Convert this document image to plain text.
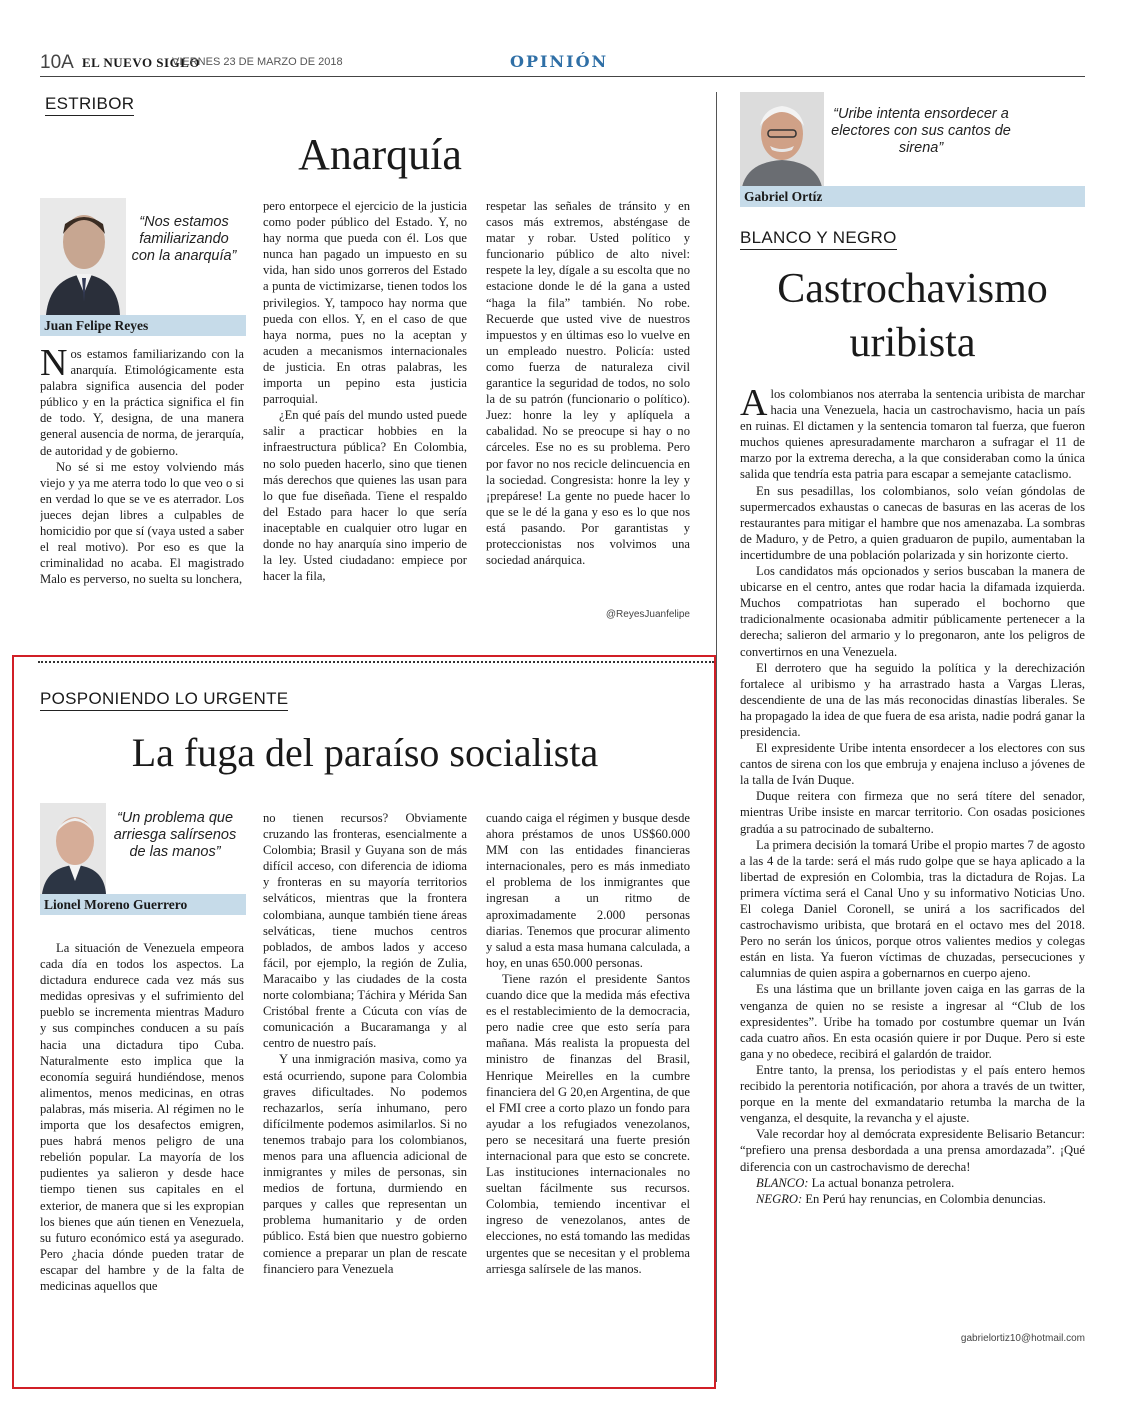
10A EL NUEVO SIGLO
VIERNES 23 DE MARZO DE 2018	OPINIÓN
ESTRIBOR
Anarquía
“Nos estamos familiarizando con la anarquía”
Juan Felipe Reyes

Nos estamos familiarizando con la anarquía. Etimológicamente esta palabra significa ausencia del poder público y en la práctica significa el fin de todo. Y, designa, de una manera general ausencia de norma, de jerarquía, de autoridad y de gobierno.

No sé si me estoy volviendo más viejo y ya me aterra todo lo que veo o si en verdad lo que se ve es aterrador. Los jueces dejan libres a culpables de homicidio por que sí (vaya usted a saber el real motivo). Por eso es que la criminalidad no acaba. El magistrado Malo es perverso, no suelta su lonchera,

pero entorpece el ejercicio de la justicia como poder público del Estado. Y, no hay norma que pueda con él. Los que nunca han pagado un impuesto en su vida, han sido unos gorreros del Estado a punta de victimizarse, tienen todos los privilegios. Y, tampoco hay norma que pueda con ellos. Y, en el caso de que haya norma, pues no la aceptan y acuden a mecanismos internacionales de justicia. En otras palabras, les importa un pepino esta justicia parroquial.

¿En qué país del mundo usted puede salir a practicar hobbies en la infraestructura pública? En Colombia, no solo pueden hacerlo, sino que tienen más derechos que quienes las usan para lo que fue diseñada. Tiene el respaldo del Estado para hacer lo que sería inaceptable en cualquier otro lugar en donde no hay anarquía sino imperio de la ley. Usted ciudadano: empiece por hacer la fila,

respetar las señales de tránsito y en casos más extremos, absténgase de matar y robar. Usted político y funcionario público de alto nivel: respete la ley, dígale a su escolta que no estacione donde le dé la gana a usted “haga la fila” también. No robe. Recuerde que usted vive de nuestros impuestos y en últimas eso lo vuelve en un empleado nuestro. Policía: usted como fuerza de naturaleza civil garantice la seguridad de todos, no solo la de su patrón (funcionario o político). Juez: honre la ley y aplíquela a cabalidad. No se preocupe si hay o no cárceles. Ese no es su problema. Pero por favor no nos recicle delincuencia en la sociedad. Congresista: honre la ley y ¡prepárese! La gente no puede hacer lo que se le dé la gana y eso es lo que nos está pasando. Por garantistas y proteccionistas nos volvimos una sociedad anárquica.

@ReyesJuanfelipe
POSPONIENDO LO URGENTE
La fuga del paraíso socialista
“Un problema que arriesga salírsenos de las manos”
Lionel Moreno Guerrero

La situación de Venezuela empeora cada día en todos los aspectos. La dictadura endurece cada vez más sus medidas opresivas y el sufrimiento del pueblo se incrementa mientras Maduro y sus compinches conducen a su país hacia una dictadura tipo Cuba. Naturalmente esto implica que la economía seguirá hundiéndose, menos alimentos, menos medicinas, en otras palabras, más miseria. Al régimen no le importa que los desafectos emigren, pues habrá menos peligro de una rebelión popular. La mayoría de los pudientes ya salieron y desde hace tiempo tienen sus capitales en el exterior, de manera que si les expropian los bienes que aún tienen en Venezuela, su futuro económico está ya asegurado. Pero ¿hacia dónde pueden tratar de escapar del hambre y de la falta de medicinas aquellos que

no tienen recursos? Obviamente cruzando las fronteras, esencialmente a Colombia; Brasil y Guyana son de más difícil acceso, con diferencia de idioma y fronteras en su mayoría territorios selváticos, mientras que la frontera colombiana, aunque también tiene áreas selváticas, tiene muchos centros poblados, de ambos lados y acceso fácil, por ejemplo, la región de Zulia, Maracaibo y las ciudades de la costa norte colombiana; Táchira y Mérida San Cristóbal frente a Cúcuta con vías de comunicación a Bucaramanga y al centro de nuestro país.

Y una inmigración masiva, como ya está ocurriendo, supone para Colombia graves dificultades. No podemos rechazarlos, sería inhumano, pero difícilmente podemos asimilarlos. Si no tenemos trabajo para los colombianos, menos para una afluencia adicional de inmigrantes y miles de personas, sin medios de fortuna, durmiendo en parques y calles que representan un problema humanitario y de orden público. Está bien que nuestro gobierno comience a preparar un plan de rescate financiero para Venezuela

cuando caiga el régimen y busque desde ahora préstamos de unos US$60.000 MM con las entidades financieras internacionales, pero es más inmediato el problema de los inmigrantes que ingresan a un ritmo de aproximadamente 2.000 personas diarias. Tenemos que procurar alimento y salud a esta masa humana calculada, a hoy, en unas 650.000 personas.

Tiene razón el presidente Santos cuando dice que la medida más efectiva es el restablecimiento de la democracia, pero nadie cree que esto sería para mañana. Más realista la propuesta del ministro de finanzas del Brasil, Henrique Meirelles en la cumbre financiera del G 20,en Argentina, de que el FMI cree a corto plazo un fondo para ayudar a los refugiados venezolanos, pero se necesitará una fuerte presión internacional para que esto se concrete. Las instituciones internacionales no sueltan fácilmente sus recursos. Colombia, temiendo incentivar el ingreso de venezolanos, antes de elecciones, no está tomando las medidas urgentes que se necesitan y el problema arriesga salírsele de las manos.

“Uribe intenta ensordecer a electores con sus cantos de sirena”
Gabriel Ortíz
BLANCO Y NEGRO
Castrochavismo
uribista

Alos colombianos nos aterraba la sentencia uribista de marchar hacia una Venezuela, hacia un castrochavismo, hacia un país en ruinas. El dictamen y la sentencia tomaron tal fuerza, que fueron muchos quienes apresuradamente marcharon a sufragar el 11 de marzo por la extrema derecha, a la que consideraban como la única salida que tendría esta patria para escapar a semejante cataclismo.

En sus pesadillas, los colombianos, solo veían góndolas de supermercados exhaustas o canecas de basuras en las aceras de los restaurantes para mitigar el hambre que nos amenazaba. La sombras de Maduro, y de Petro, a quien graduaron de pupilo, aumentaban la incertidumbre de una población polarizada y sin horizonte cierto.

Los candidatos más opcionados y serios buscaban la manera de ubicarse en el centro, antes que rodar hacia la difamada izquierda. Muchos compatriotas han superado el bochorno que tradicionalmente ocasionaba admitir públicamente pertenecer a la derecha; salieron del armario y lo pregonaron, ante los peligros de convertirnos en una Venezuela.

El derrotero que ha seguido la política y la derechización fortalece al uribismo y ha arrastrado hasta a Vargas Lleras, descendiente de una de las más reconocidas dinastías liberales. Se ha propagado la idea de que fuera de esa arista, nadie podrá ganar la presidencia.

El expresidente Uribe intenta ensordecer a los electores con sus cantos de sirena con los que embruja y enajena incluso a jóvenes de la talla de Iván Duque.

Duque reitera con firmeza que no será títere del senador, mientras Uribe insiste en marcar territorio. Con osadas posiciones gradúa a su patrocinado de subalterno.

La primera decisión la tomará Uribe el propio martes 7 de agosto a las 4 de la tarde: será el más rudo golpe que se haya aplicado a la libertad de expresión en Colombia, tras la dictadura de Rojas. La primera víctima será el Canal Uno y su informativo Noticias Uno. El colega Daniel Coronell, se unirá a los sacrificados del castrochavismo uribista, que brotará en el octavo mes del 2018. Pero no serán los únicos, porque otros valientes medios y colegas están en lista. Ya fueron víctimas de chuzadas, persecuciones y calumnias de quien aspira a gobernarnos en cuerpo ajeno.

Es una lástima que un brillante joven caiga en las garras de la venganza de quien no se resiste a ingresar al “Club de los expresidentes”. Uribe ha tomado por costumbre quemar un Iván cada cuatro años. En esta ocasión quiere ir por Duque. Pero si este gana y no obedece, recibirá el galardón de traidor.

Entre tanto, la prensa, los periodistas y el país entero hemos recibido la perentoria notificación, por ahora a través de un twitter, porque en la mente del exmandatario retumba la marcha de la venganza, el desquite, la revancha y el ajuste.

Vale recordar hoy al demócrata expresidente Belisario Betancur: “prefiero una prensa desbordada a una prensa amordazada”. ¡Qué diferencia con un castrochavismo de derecha!

BLANCO: La actual bonanza petrolera.

NEGRO: En Perú hay renuncias, en Colombia denuncias.

gabrielortiz10@hotmail.com
